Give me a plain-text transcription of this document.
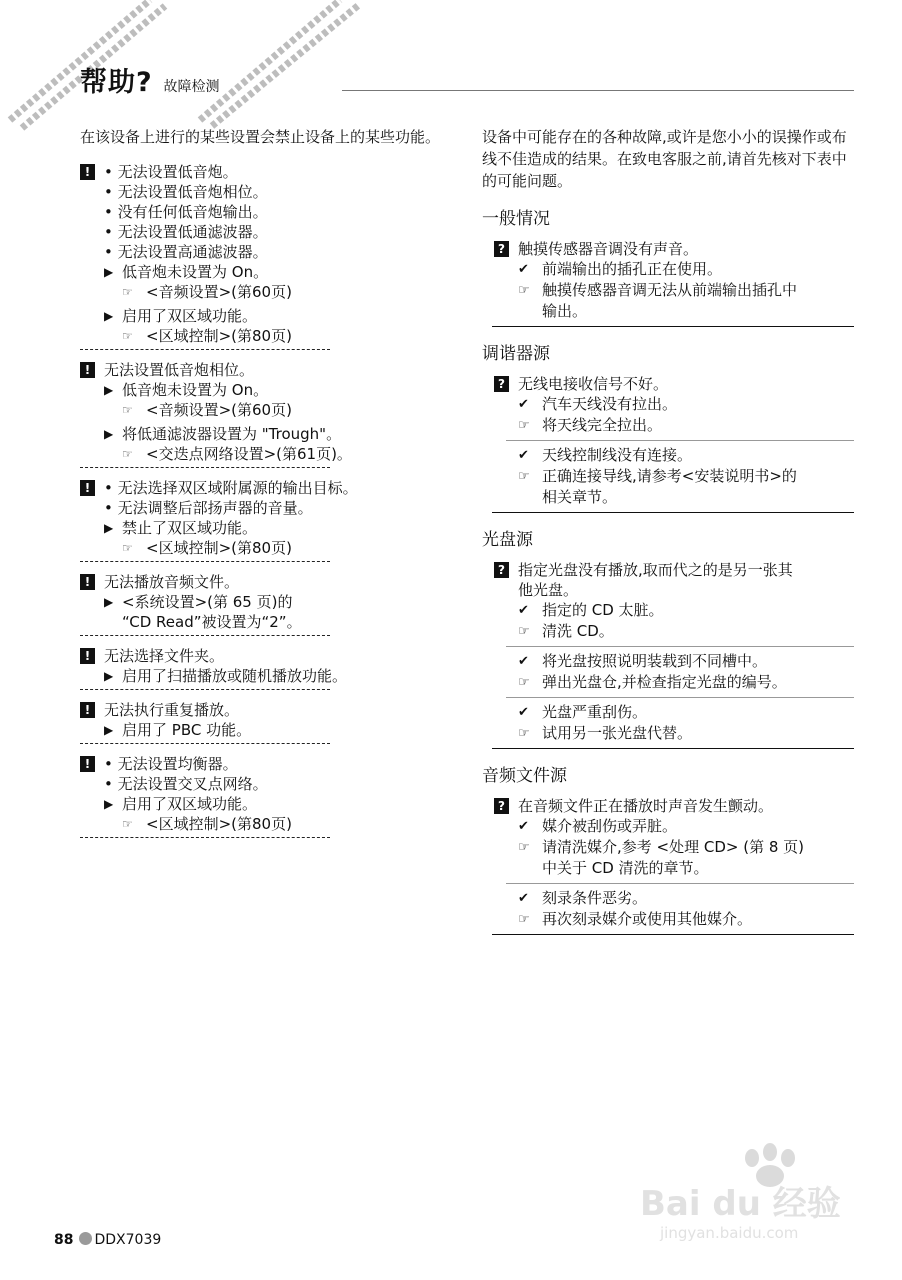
帮助? 故障检测

在该设备上进行的某些设置会禁止设备上的某些功能。

!	• 无法设置低音炮。
• 无法设置低音炮相位。
• 没有任何低音炮输出。
• 无法设置低通滤波器。
• 无法设置高通滤波器。
▶ 低音炮未设置为 On。
☞ <音频设置>(第60页)
▶ 启用了双区域功能。
☞ <区域控制>(第80页)
! 无法设置低音炮相位。
▶ 低音炮未设置为 On。
☞ <音频设置>(第60页)
▶ 将低通滤波器设置为 "Trough"。
☞ <交迭点网络设置>(第61页)。
!	• 无法选择双区域附属源的输出目标。
• 无法调整后部扬声器的音量。
▶ 禁止了双区域功能。
☞ <区域控制>(第80页)
! 无法播放音频文件。
▶ <系统设置>(第 65 页)的
“CD Read”被设置为“2”。
! 无法选择文件夹。
▶ 启用了扫描播放或随机播放功能。
! 无法执行重复播放。
▶ 启用了 PBC 功能。
!	• 无法设置均衡器。
• 无法设置交叉点网络。
▶ 启用了双区域功能。
☞ <区域控制>(第80页)

设备中可能存在的各种故障,或许是您小小的误操作或布线不佳造成的结果。在致电客服之前,请首先核对下表中的可能问题。

一般情况
? 触摸传感器音调没有声音。
✔ 前端输出的插孔正在使用。
☞ 触摸传感器音调无法从前端输出插孔中
输出。
调谐器源
? 无线电接收信号不好。
✔ 汽车天线没有拉出。
☞ 将天线完全拉出。
✔ 天线控制线没有连接。
☞ 正确连接导线,请参考<安装说明书>的
相关章节。
光盘源
? 指定光盘没有播放,取而代之的是另一张其
他光盘。
✔ 指定的 CD 太脏。
☞ 清洗 CD。
✔ 将光盘按照说明装载到不同槽中。
☞ 弹出光盘仓,并检查指定光盘的编号。
✔ 光盘严重刮伤。
☞ 试用另一张光盘代替。
音频文件源
? 在音频文件正在播放时声音发生颤动。
✔ 媒介被刮伤或弄脏。
☞ 请清洗媒介,参考 <处理 CD> (第 8 页)
中关于 CD 清洗的章节。
✔ 刻录条件恶劣。
☞ 再次刻录媒介或使用其他媒介。
88 DDX7039
Bai du 经验
jingyan.baidu.com
